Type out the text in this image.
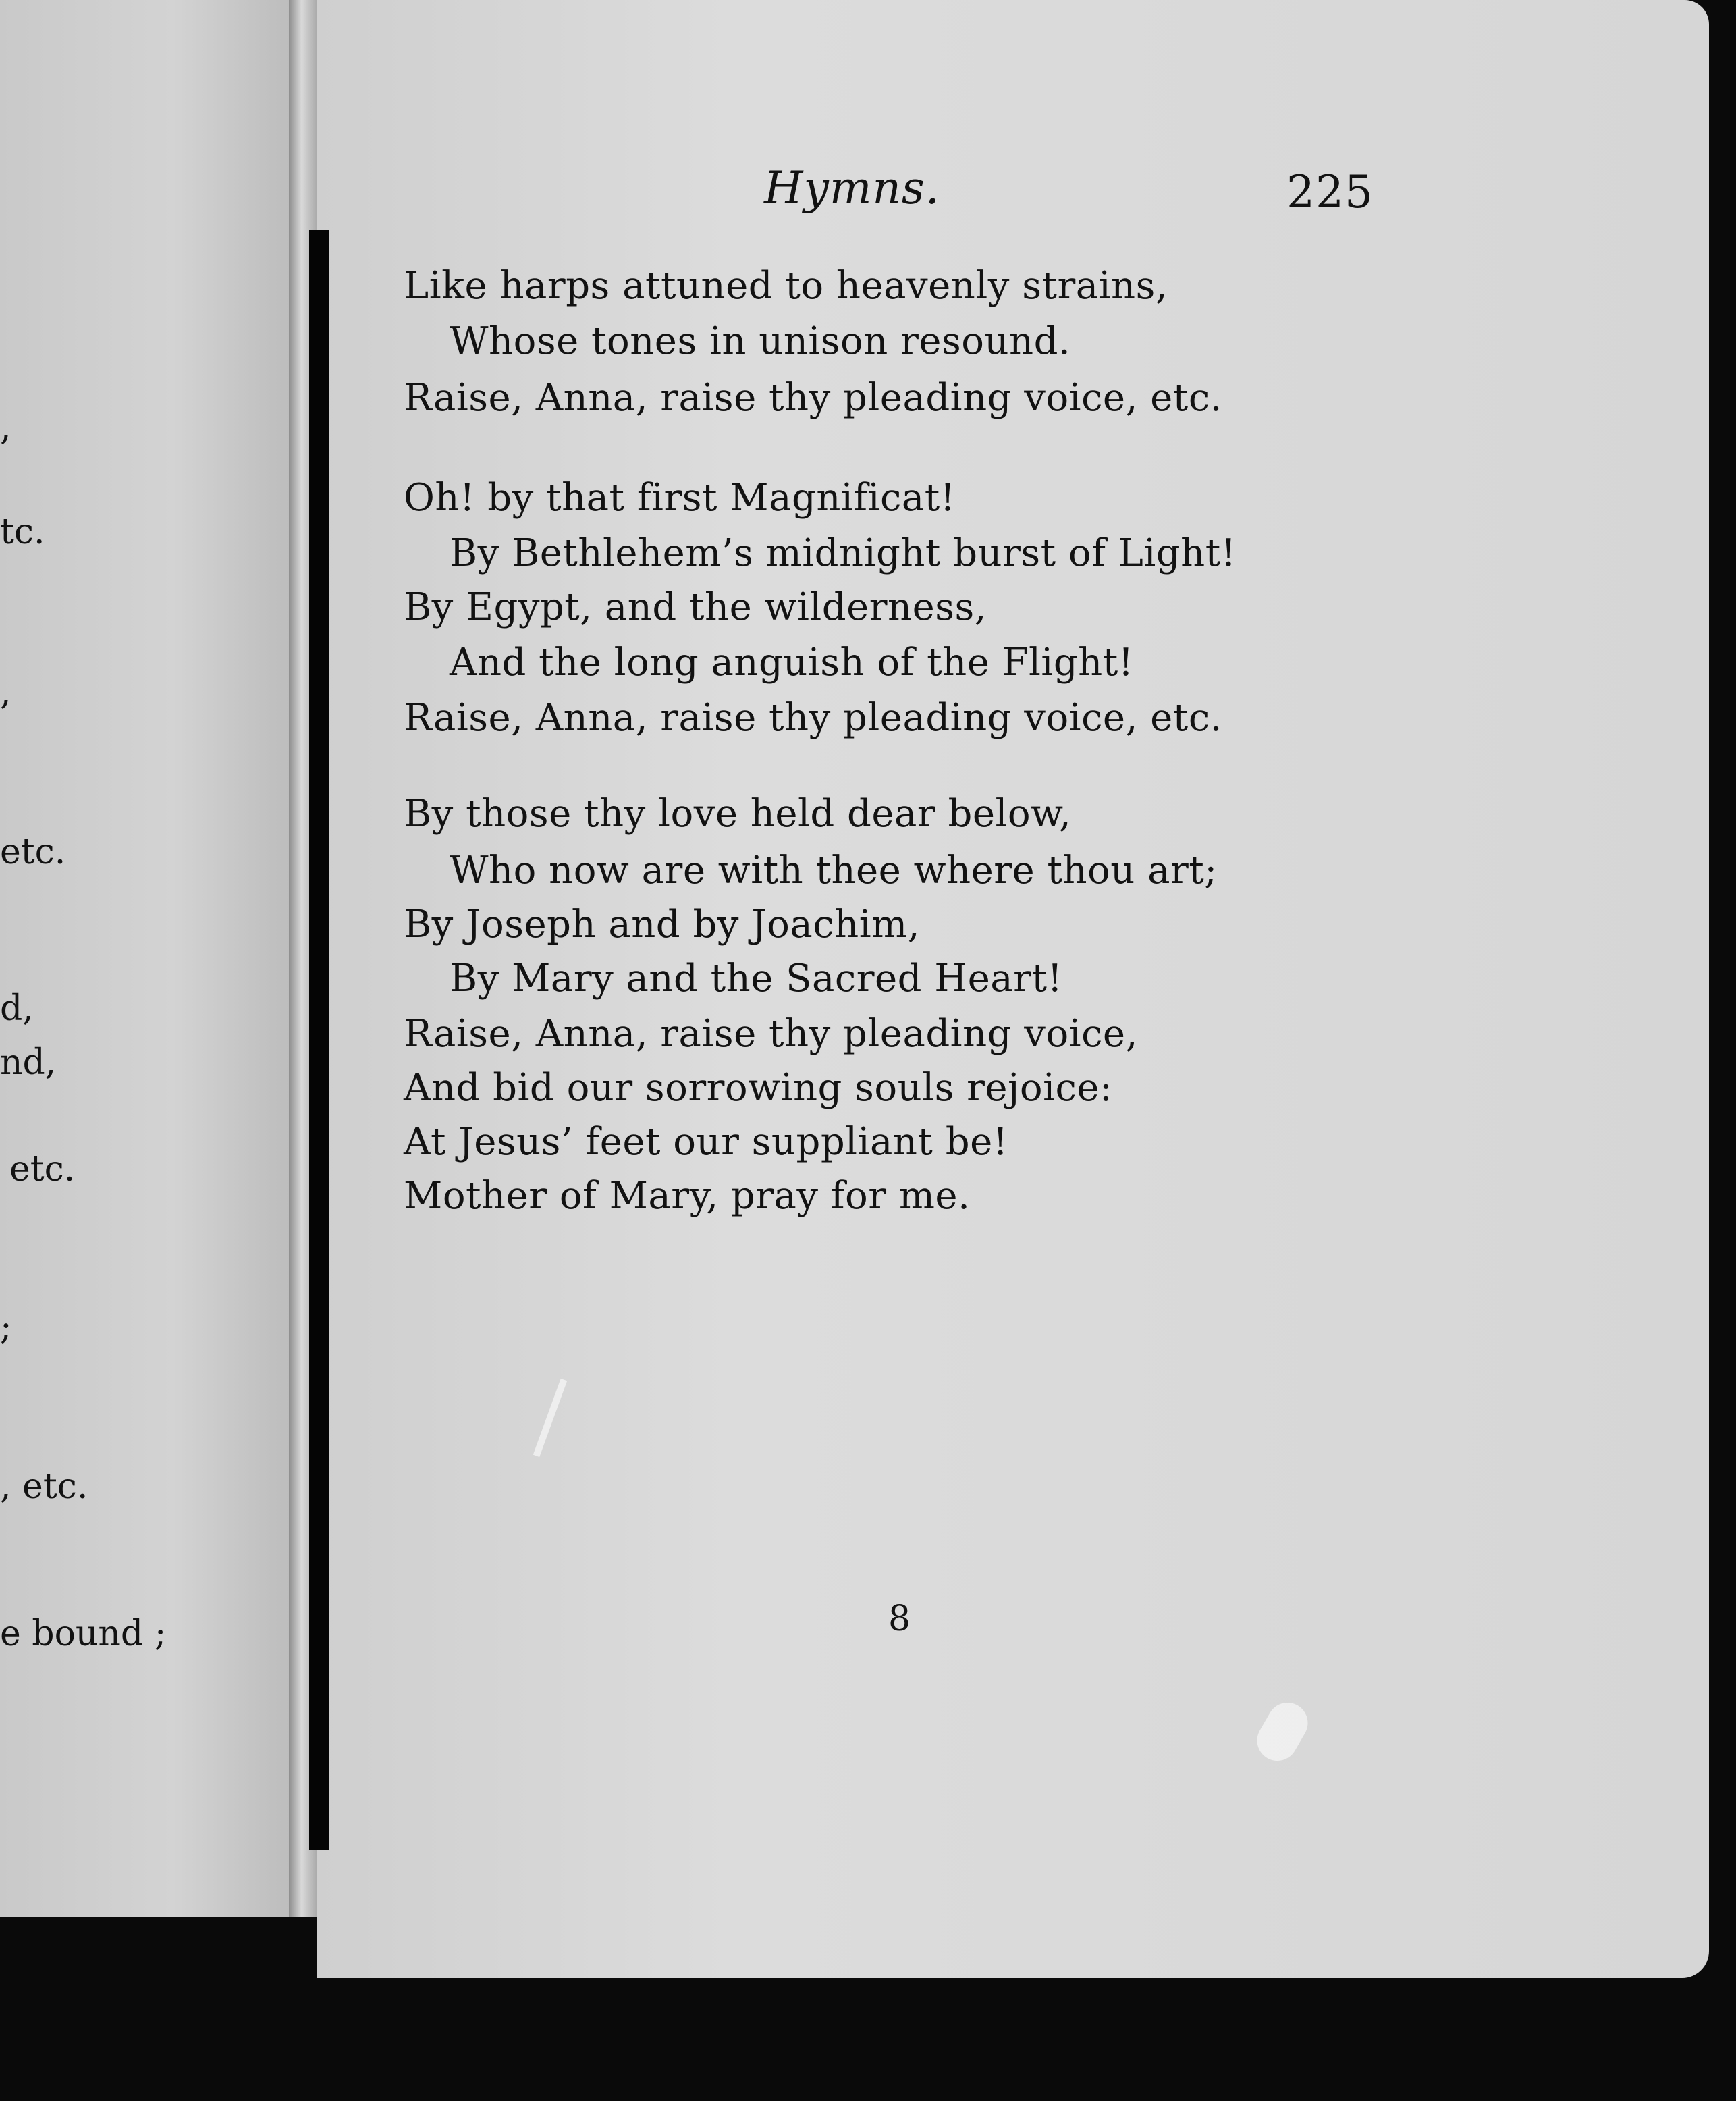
,
tc.
,
etc.
d,
nd,
etc.
;
, etc.
e bound ;
Hymns.	225
Like harps attuned to heavenly strains,
Whose tones in unison resound.
Raise, Anna, raise thy pleading voice, etc.
Oh! by that first Magnificat!
By Bethlehem’s midnight burst of Light!
By Egypt, and the wilderness,
And the long anguish of the Flight!
Raise, Anna, raise thy pleading voice, etc.
By those thy love held dear below,
Who now are with thee where thou art;
By Joseph and by Joachim,
By Mary and the Sacred Heart!
Raise, Anna, raise thy pleading voice,
And bid our sorrowing souls rejoice:
At Jesus’ feet our suppliant be!
Mother of Mary, pray for me.
8
